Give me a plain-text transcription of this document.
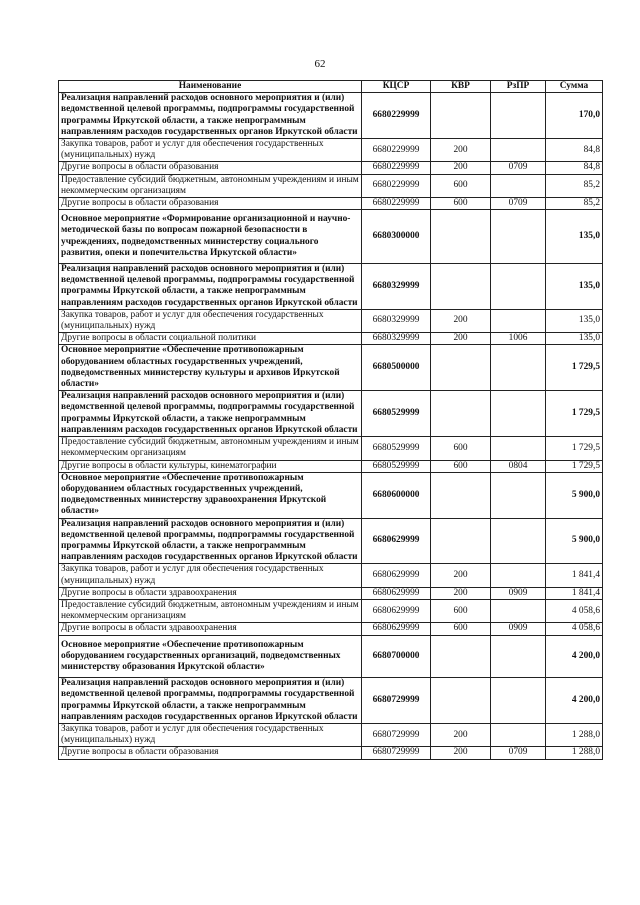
62
Наименование	КЦСР	КВР	РзПР	Сумма
Реализация направлений расходов основного мероприятия и (или) ведомственной целевой программы, подпрограммы государственной программы Иркутской области, а также непрограммным направлениям расходов государственных органов Иркутской области	6680229999			170,0
Закупка товаров, работ и услуг для обеспечения государственных (муниципальных) нужд	6680229999	200		84,8
Другие вопросы в области образования	6680229999	200	0709	84,8
Предоставление субсидий бюджетным, автономным учреждениям и иным некоммерческим организациям	6680229999	600		85,2
Другие вопросы в области образования	6680229999	600	0709	85,2
Основное мероприятие «Формирование организационной и научно-методической базы по вопросам пожарной безопасности в учреждениях, подведомственных министерству социального развития, опеки и попечительства Иркутской области»	6680300000			135,0
Реализация направлений расходов основного мероприятия и (или) ведомственной целевой программы, подпрограммы государственной программы Иркутской области, а также непрограммным направлениям расходов государственных органов Иркутской области	6680329999			135,0
Закупка товаров, работ и услуг для обеспечения государственных (муниципальных) нужд	6680329999	200		135,0
Другие вопросы в области социальной политики	6680329999	200	1006	135,0
Основное мероприятие «Обеспечение противопожарным оборудованием областных государственных учреждений, подведомственных министерству культуры и архивов Иркутской области»	6680500000			1 729,5
Реализация направлений расходов основного мероприятия и (или) ведомственной целевой программы, подпрограммы государственной программы Иркутской области, а также непрограммным направлениям расходов государственных органов Иркутской области	6680529999			1 729,5
Предоставление субсидий бюджетным, автономным учреждениям и иным некоммерческим организациям	6680529999	600		1 729,5
Другие вопросы в области культуры, кинематографии	6680529999	600	0804	1 729,5
Основное мероприятие «Обеспечение противопожарным оборудованием областных государственных учреждений, подведомственных министерству здравоохранения Иркутской области»	6680600000			5 900,0
Реализация направлений расходов основного мероприятия и (или) ведомственной целевой программы, подпрограммы государственной программы Иркутской области, а также непрограммным направлениям расходов государственных органов Иркутской области	6680629999			5 900,0
Закупка товаров, работ и услуг для обеспечения государственных (муниципальных) нужд	6680629999	200		1 841,4
Другие вопросы в области здравоохранения	6680629999	200	0909	1 841,4
Предоставление субсидий бюджетным, автономным учреждениям и иным некоммерческим организациям	6680629999	600		4 058,6
Другие вопросы в области здравоохранения	6680629999	600	0909	4 058,6
Основное мероприятие «Обеспечение противопожарным оборудованием государственных организаций, подведомственных министерству образования Иркутской области»	6680700000			4 200,0
Реализация направлений расходов основного мероприятия и (или) ведомственной целевой программы, подпрограммы государственной программы Иркутской области, а также непрограммным направлениям расходов государственных органов Иркутской области	6680729999			4 200,0
Закупка товаров, работ и услуг для обеспечения государственных (муниципальных) нужд	6680729999	200		1 288,0
Другие вопросы в области образования	6680729999	200	0709	1 288,0
